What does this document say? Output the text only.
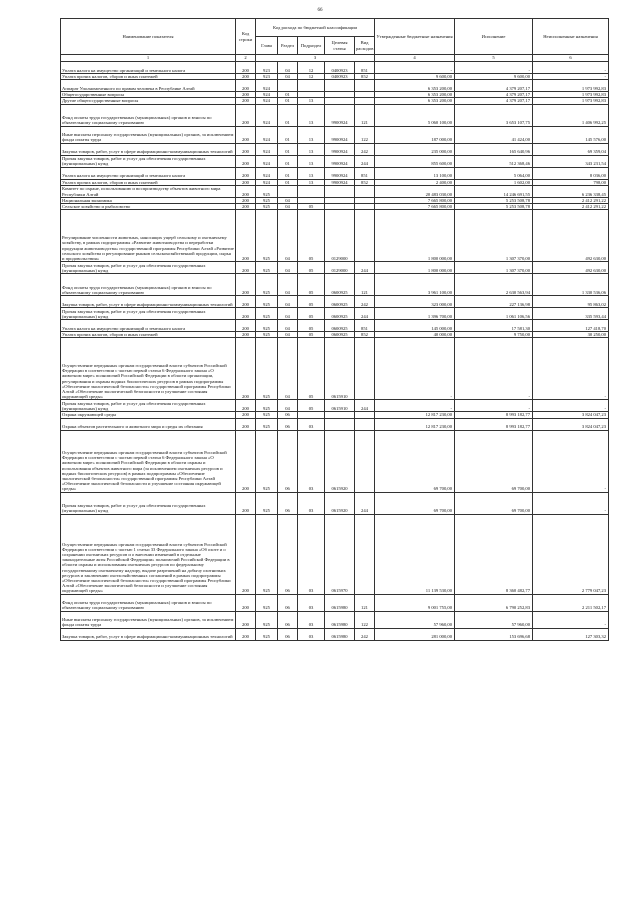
66
Наименование показателя	Код строки	Код расхода по бюджетной классификации					Утвержденные бюджетные назначения	Исполнение	Неисполненные назначения
		Глава	Раздел	Подраздел	Целевая статья	Вид расходов			
1	2	3					4	5	6
Уплата налога на имущество организаций и земельного налога	200	923	04	12	0400923	851	-	-	-
Уплата прочих налогов, сборов и иных платежей	200	923	04	12	0400923	852	9 600,00	9 600,00	-
Аппарат Уполномоченного по правам человека в Республике Алтай	200	924					6 353 200,00	4 379 207,17	1 973 992,83
Общегосударственные вопросы	200	924	01				6 353 200,00	4 379 207,17	1 973 992,83
Другие общегосударственные вопросы	200	924	01	13			6 353 200,00	4 379 207,17	1 973 992,83
Фонд оплаты труда государственных (муниципальных) органов и взносы по обязательному социальному страхованию	200	924	01	13	9900924	121	5 060 100,00	3 653 107,75	1 406 992,25
Иные выплаты персоналу государственных (муниципальных) органов, за исключением фонда оплаты труда	200	924	01	13	9900924	122	187 000,00	41 424,00	145 576,00
Закупка товаров, работ, услуг в сфере информационно-коммуникационных технологий	200	924	01	13	9900924	242	235 000,00	165 640,96	69 359,04
Прочая закупка товаров, работ и услуг для обеспечения государственных (муниципальных) нужд	200	924	01	13	9900924	244	855 600,00	512 368,46	343 231,54
Уплата налога на имущество организаций и земельного налога	200	924	01	13	9900924	851	13 100,00	5 064,00	8 036,00
Уплата прочих налогов, сборов и иных платежей	200	924	01	13	9900924	852	2 400,00	1 602,00	798,00
Комитет по охране, использованию и воспроизводству объектов животного мира Республики Алтай	200	925					20 483 030,00	14 246 691,55	6 236 338,45
Национальная экономика	200	925	04				7 665 800,00	5 253 508,78	2 412 291,22
Сельское хозяйство и рыболовство	200	925	04	05			7 665 800,00	5 253 508,78	2 412 291,22
Регулирование численности животных, наносящих ущерб сельскому и охотничьему хозяйству, в рамках подпрограммы «Развитие животноводства и переработки продукции животноводства» государственной программы Республики Алтай «Развитие сельского хозяйства и регулирование рынков сельскохозяйственной продукции, сырья и продовольствия»	200	925	04	05	0129000		1 800 000,00	1 307 370,00	492 630,00
Прочая закупка товаров, работ и услуг для обеспечения государственных (муниципальных) нужд	200	925	04	05	0129000	244	1 800 000,00	1 307 370,00	492 630,00
Фонд оплаты труда государственных (муниципальных) органов и взносы по обязательному социальному страхованию	200	925	04	05	0600925	121	3 961 100,00	2 630 563,94	1 330 536,06
Закупка товаров, работ, услуг в сфере информационно-коммуникационных технологий	200	925	04	05	0600925	242	323 000,00	227 136,98	95 863,02
Прочая закупка товаров, работ и услуг для обеспечения государственных (муниципальных) нужд	200	925	04	05	0600925	244	1 396 700,00	1 061 106,56	335 593,44
Уплата налога на имущество организаций и земельного налога	200	925	04	05	0600925	851	145 000,00	17 581,30	127 418,70
Уплата прочих налогов, сборов и иных платежей	200	925	04	05	0600925	852	40 000,00	9 750,00	30 250,00
Осуществление переданных органам государственной власти субъектов Российской Федерации в соответствии с частью первой статьи 6 Федерального закона «О животном мире» полномочий Российской Федерации в области организации, регулирования и охраны водных биологических ресурсов в рамках подпрограммы «Обеспечение экологической безопасности» государственной программы Республики Алтай «Обеспечение экологической безопасности и улучшение состояния окружающей среды»	200	925	04	05	0615910		-	-	-
Прочая закупка товаров, работ и услуг для обеспечения государственных (муниципальных) нужд	200	925	04	05	0615910	244	-	-	-
Охрана окружающей среды	200	925	06				12 817 230,00	8 993 182,77	3 824 047,23
Охрана объектов растительного и животного мира и среды их обитания	200	925	06	03			12 817 230,00	8 993 182,77	3 824 047,23
Осуществление переданных органам государственной власти субъектов Российской Федерации в соответствии с частью первой статьи 6 Федерального закона «О животном мире» полномочий Российской Федерации в области охраны и использования объектов животного мира (за исключением охотничьих ресурсов и водных биологических ресурсов) в рамках подпрограммы «Обеспечение экологической безопасности» государственной программы Республики Алтай «Обеспечение экологической безопасности и улучшение состояния окружающей среды»	200	925	06	03	0615920		69 700,00	69 700,00	-
Прочая закупка товаров, работ и услуг для обеспечения государственных (муниципальных) нужд	200	925	06	03	0615920	244	69 700,00	69 700,00	-
Осуществление переданных органам государственной власти субъектов Российской Федерации в соответствии с частью 1 статьи 33 Федерального закона «Об охоте и о сохранении охотничьих ресурсов и о внесении изменений в отдельные законодательные акты Российской Федерации» полномочий Российской Федерации в области охраны и использования охотничьих ресурсов по федеральному государственному охотничьему надзору, выдаче разрешений на добычу охотничьих ресурсов и заключению охотхозяйственных соглашений в рамках подпрограммы «Обеспечение экологической безопасности» государственной программы Республики Алтай «Обеспечение экологической безопасности и улучшение состояния окружающей среды»	200	925	06	03	0615970		11 139 530,00	8 360 482,77	2 779 047,23
Фонд оплаты труда государственных (муниципальных) органов и взносы по обязательному социальному страхованию	200	925	06	03	0615980	121	9 001 755,00	6 790 252,83	2 211 502,17
Иные выплаты персоналу государственных (муниципальных) органов, за исключением фонда оплаты труда	200	925	06	03	0615980	122	57 960,00	57 960,00	-
Закупка товаров, работ, услуг в сфере информационно-коммуникационных технологий	200	925	06	03	0615980	242	281 000,00	153 696,68	127 303,32
